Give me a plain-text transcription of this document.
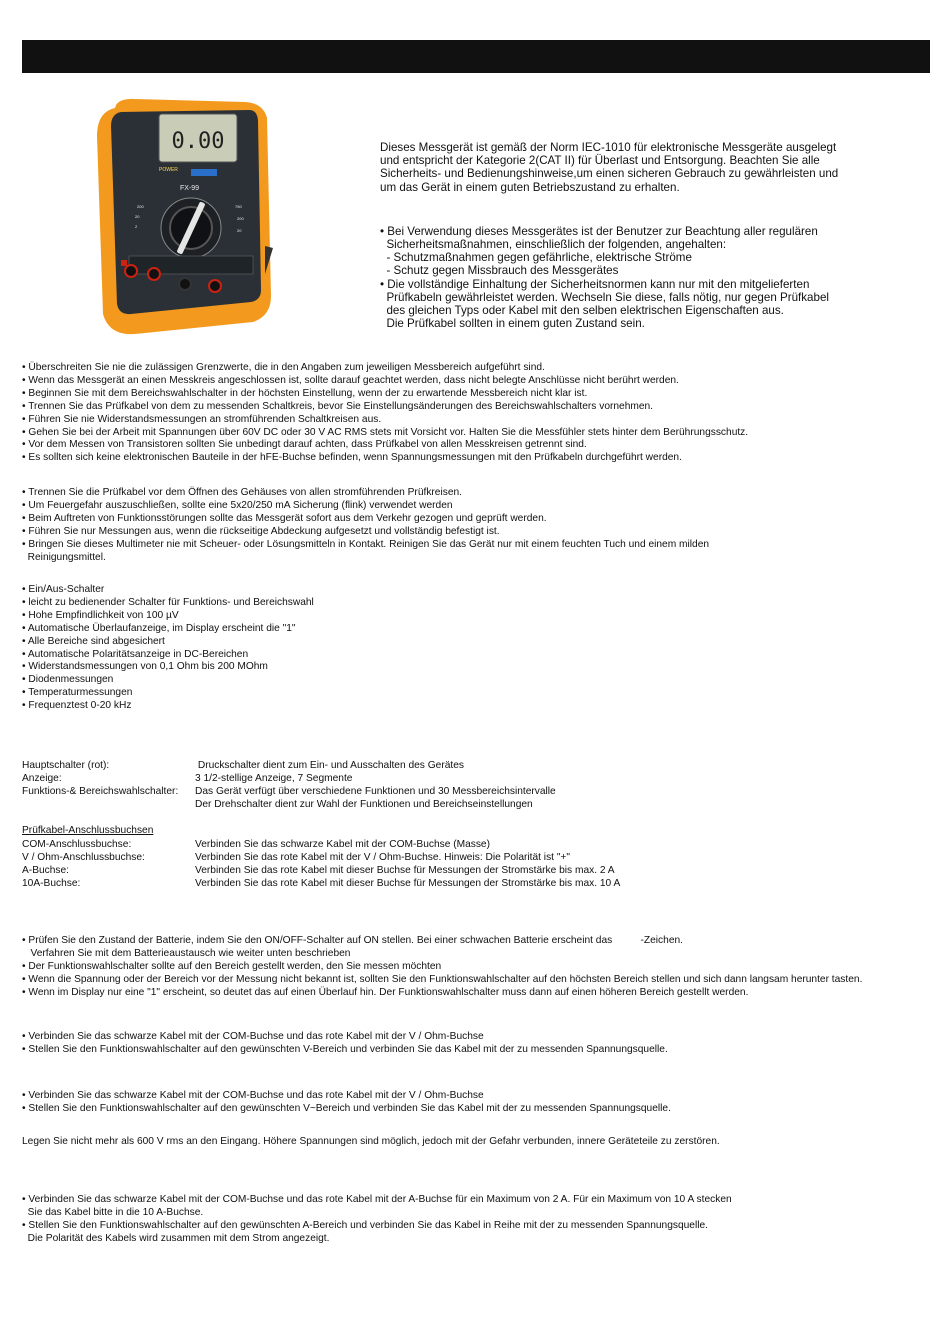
0.00
POWER
FX-99
200
20
2
750
200
20

Dieses Messgerät ist gemäß der Norm IEC-1010 für elektronische Messgeräte ausgelegt

und entspricht der Kategorie 2(CAT II) für Überlast und Entsorgung. Beachten Sie alle

Sicherheits- und Bedienungshinweise,um einen sicheren Gebrauch zu gewährleisten und

um das Gerät in einem guten Betriebszustand zu erhalten.

• Bei Verwendung dieses Messgerätes ist der Benutzer zur Beachtung aller regulären

Sicherheitsmaßnahmen, einschließlich der folgenden, angehalten:

- Schutzmaßnahmen gegen gefährliche, elektrische Ströme

- Schutz gegen Missbrauch des Messgerätes

• Die vollständige Einhaltung der Sicherheitsnormen kann nur mit den mitgelieferten

Prüfkabeln gewährleistet werden. Wechseln Sie diese, falls nötig, nur gegen Prüfkabel

des gleichen Typs oder Kabel mit den selben elektrischen Eigenschaften aus.

Die Prüfkabel sollten in einem guten Zustand sein.

• Überschreiten Sie nie die zulässigen Grenzwerte, die in den Angaben zum jeweiligen Messbereich aufgeführt sind.
• Wenn das Messgerät an einen Messkreis angeschlossen ist, sollte darauf geachtet werden, dass nicht belegte Anschlüsse nicht berührt werden.
• Beginnen Sie mit dem Bereichswahlschalter in der höchsten Einstellung, wenn der zu erwartende Messbereich nicht klar ist.
• Trennen Sie das Prüfkabel von dem zu messenden Schaltkreis, bevor Sie Einstellungsänderungen des Bereichswahlschalters vornehmen.
• Führen Sie nie Widerstandsmessungen an stromführenden Schaltkreisen aus.
• Gehen Sie bei der Arbeit mit Spannungen über 60V DC oder 30 V AC RMS stets mit Vorsicht vor. Halten Sie die Messfühler stets hinter dem Berührungsschutz.
• Vor dem Messen von Transistoren sollten Sie unbedingt darauf achten, dass Prüfkabel von allen Messkreisen getrennt sind.
• Es sollten sich keine elektronischen Bauteile in der hFE-Buchse befinden, wenn Spannungsmessungen mit den Prüfkabeln durchgeführt werden.
• Trennen Sie die Prüfkabel vor dem Öffnen des Gehäuses von allen stromführenden Prüfkreisen.
• Um Feuergefahr auszuschließen, sollte eine 5x20/250 mA Sicherung (flink) verwendet werden
• Beim Auftreten von Funktionsstörungen sollte das Messgerät sofort aus dem Verkehr gezogen und geprüft werden.
• Führen Sie nur Messungen aus, wenn die rückseitige Abdeckung aufgesetzt und vollständig befestigt ist.
• Bringen Sie dieses Multimeter nie mit Scheuer- oder Lösungsmitteln in Kontakt. Reinigen Sie das Gerät nur mit einem feuchten Tuch und einem milden
Reinigungsmittel.
• Ein/Aus-Schalter
• leicht zu bedienender Schalter für Funktions- und Bereichswahl
• Hohe Empfindlichkeit von 100 µV
• Automatische Überlaufanzeige, im Display erscheint die "1"
• Alle Bereiche sind abgesichert
• Automatische Polaritätsanzeige in DC-Bereichen
• Widerstandsmessungen von 0,1 Ohm bis 200 MOhm
• Diodenmessungen
• Temperaturmessungen
• Frequenztest 0-20 kHz
Hauptschalter (rot):	Druckschalter dient zum Ein- und Ausschalten des Gerätes
Anzeige:	3 1/2-stellige Anzeige, 7 Segmente
Funktions-& Bereichswahlschalter:	Das Gerät verfügt über verschiedene Funktionen und 30 Messbereichsintervalle
Der Drehschalter dient zur Wahl der Funktionen und Bereichseinstellungen
Prüfkabel-Anschlussbuchsen
COM-Anschlussbuchse:	Verbinden Sie das schwarze Kabel mit der COM-Buchse (Masse)
V / Ohm-Anschlussbuchse:	Verbinden Sie das rote Kabel mit der V / Ohm-Buchse. Hinweis: Die Polarität ist "+"
A-Buchse:	Verbinden Sie das rote Kabel mit dieser Buchse für Messungen der Stromstärke bis max. 2 A
10A-Buchse:	Verbinden Sie das rote Kabel mit dieser Buchse für Messungen der Stromstärke bis max. 10 A
• Prüfen Sie den Zustand der Batterie, indem Sie den ON/OFF-Schalter auf ON stellen. Bei einer schwachen Batterie erscheint das          -Zeichen.
Verfahren Sie mit dem Batterieaustausch wie weiter unten beschrieben
• Der Funktionswahlschalter sollte auf den Bereich gestellt werden, den Sie messen möchten
• Wenn die Spannung oder der Bereich vor der Messung nicht bekannt ist, sollten Sie den Funktionswahlschalter auf den höchsten Bereich stellen und sich dann langsam herunter tasten.
• Wenn im Display nur eine "1" erscheint, so deutet das auf einen Überlauf hin. Der Funktionswahlschalter muss dann auf einen höheren Bereich gestellt werden.
• Verbinden Sie das schwarze Kabel mit der COM-Buchse und das rote Kabel mit der V / Ohm-Buchse
• Stellen Sie den Funktionswahlschalter auf den gewünschten V-Bereich und verbinden Sie das Kabel mit der zu messenden Spannungsquelle.
• Verbinden Sie das schwarze Kabel mit der COM-Buchse und das rote Kabel mit der V / Ohm-Buchse
• Stellen Sie den Funktionswahlschalter auf den gewünschten V~Bereich und verbinden Sie das Kabel mit der zu messenden Spannungsquelle.
Legen Sie nicht mehr als 600 V rms an den Eingang. Höhere Spannungen sind möglich, jedoch mit der Gefahr verbunden, innere Geräteteile zu zerstören.
• Verbinden Sie das schwarze Kabel mit der COM-Buchse und das rote Kabel mit der A-Buchse für ein Maximum von 2 A. Für ein Maximum von 10 A stecken
Sie das Kabel bitte in die 10 A-Buchse.
• Stellen Sie den Funktionswahlschalter auf den gewünschten A-Bereich und verbinden Sie das Kabel in Reihe mit der zu messenden Spannungsquelle.
Die Polarität des Kabels wird zusammen mit dem Strom angezeigt.
